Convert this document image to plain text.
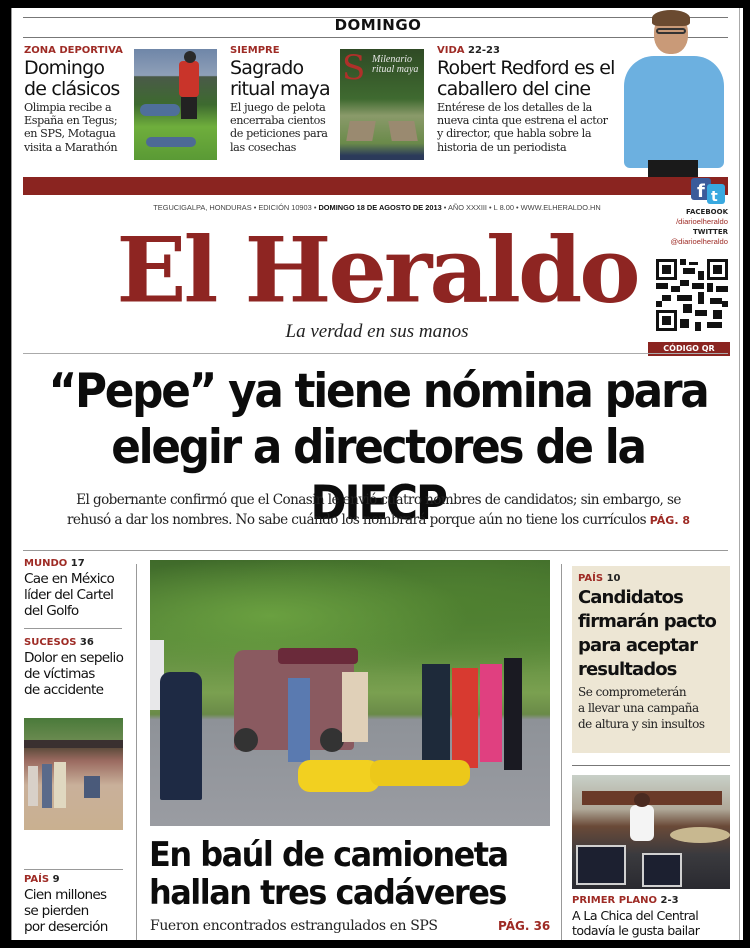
DOMINGO
ZONA DEPORTIVA
Domingo
de clásicos
Olimpia recibe a
España en Tegus;
en SPS, Motagua
visita a Marathón
SIEMPRE
Sagrado
ritual maya
El juego de pelota
encerraba cientos
de peticiones para
las cosechas
S Milenario
ritual maya
VIDA 22-23
Robert Redford es el
caballero del cine
Entérese de los detalles de la
nueva cinta que estrena el actor
y director, que habla sobre la
historia de un periodista
f t
TEGUCIGALPA, HONDURAS • EDICIÓN 10903 • DOMINGO 18 DE AGOSTO DE 2013 • AÑO XXXIII • L 8.00 • WWW.ELHERALDO.HN	FACEBOOK
/diarioelheraldo
TWITTER
@diarioelheraldo
El Heraldo
La verdad en sus manos
CÓDIGO QR
“Pepe” ya tiene nómina para
elegir a directores de la DIECP
El gobernante confirmó que el Conasin le envió cuatro nombres de candidatos; sin embargo, se
rehusó a dar los nombres. No sabe cuándo los nombrará porque aún no tiene los currículos PÁG. 8
MUNDO 17
Cae en México
líder del Cartel
del Golfo
SUCESOS 36
Dolor en sepelio
de víctimas
de accidente
PAÍS 9
Cien millones
se pierden
por deserción
En baúl de camioneta
hallan tres cadáveres
Fueron encontrados estrangulados en SPS	PÁG. 36
PAÍS 10
Candidatos
firmarán pacto
para aceptar
resultados
Se comprometerán
a llevar una campaña
de altura y sin insultos
PRIMER PLANO 2-3
A La Chica del Central
todavía le gusta bailar
